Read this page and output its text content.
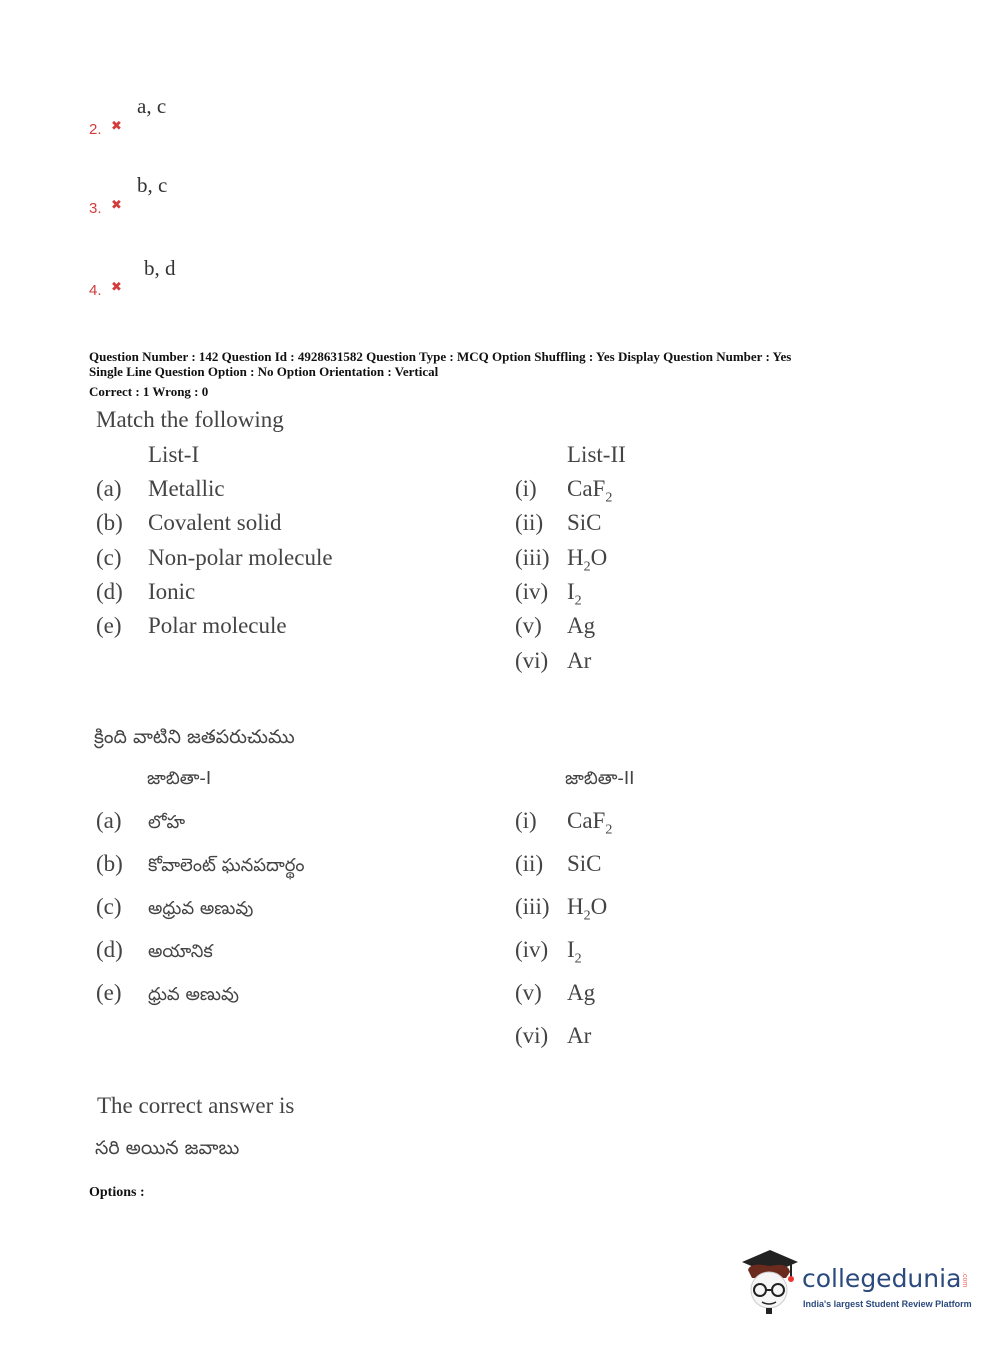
a, c
2. ✖
b, c
3. ✖
b, d
4. ✖
Question Number : 142 Question Id : 4928631582 Question Type : MCQ Option Shuffling : Yes Display Question Number : Yes
Single Line Question Option : No Option Orientation : Vertical
Correct : 1 Wrong : 0
Match the following
List-I	List-II
(a) Metallic	(i) CaF$_2$
(b) Covalent solid	(ii) SiC
(c) Non-polar molecule	(iii) $H_2O$
(d) Ionic	(iv) $I_2$
(e) Polar molecule	(v) Ag
(vi) Ar
క్రింది వాటిని జతపరుచుము
జాబితా-I	జాబితా-II
(a) లోహ	(i) CaF$_2$
(b) కోవాలెంట్ ఘనపదార్థం	(ii) SiC
(c) అధ్రువ అణువు	(iii) $H_2O$
(d) అయానిక	(iv) $I_2$
(e) ధ్రువ అణువు	(v) Ag
(vi) Ar
The correct answer is
సరి అయిన జవాబు
Options :
collegedunia .com
India's largest Student Review Platform
